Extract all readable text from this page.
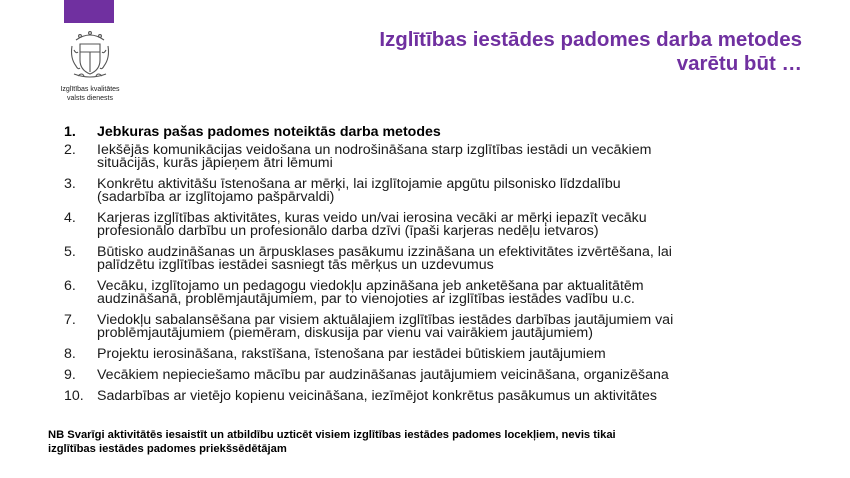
Izglītības kvalitātes
valsts dienests
Izglītības iestādes padomes darba metodes
varētu būt …
1.	Jebkuras pašas padomes noteiktās darba metodes
2.	Iekšējās komunikācijas veidošana un nodrošināšana starp izglītības iestādi un vecākiem
situācijās, kurās jāpieņem ātri lēmumi
3.	Konkrētu aktivitāšu īstenošana ar mērķi, lai izglītojamie apgūtu pilsonisko līdzdalību
(sadarbība ar izglītojamo pašpārvaldi)
4.	Karjeras izglītības aktivitātes, kuras veido un/vai ierosina vecāki ar mērķi iepazīt vecāku
profesionālo darbību un profesionālo darba dzīvi (īpaši karjeras nedēļu ietvaros)
5.	Būtisko audzināšanas un ārpusklases pasākumu izzināšana un efektivitātes izvērtēšana, lai
palīdzētu izglītības iestādei sasniegt tās mērķus un uzdevumus
6.	Vecāku, izglītojamo un pedagogu viedokļu apzināšana jeb anketēšana par aktualitātēm
audzināšanā, problēmjautājumiem, par to vienojoties ar izglītības iestādes vadību u.c.
7.	Viedokļu sabalansēšana par visiem aktuālajiem izglītības iestādes darbības jautājumiem vai
problēmjautājumiem (piemēram, diskusija par vienu vai vairākiem jautājumiem)
8.	Projektu ierosināšana, rakstīšana, īstenošana par iestādei būtiskiem jautājumiem
9.	Vecākiem nepieciešamo mācību par audzināšanas jautājumiem veicināšana, organizēšana
10. Sadarbības ar vietējo kopienu veicināšana, iezīmējot konkrētus pasākumus un aktivitātes
NB Svarīgi aktivitātēs iesaistīt un atbildību uzticēt visiem izglītības iestādes padomes locekļiem, nevis tikai
izglītības iestādes padomes priekšsēdētājam
